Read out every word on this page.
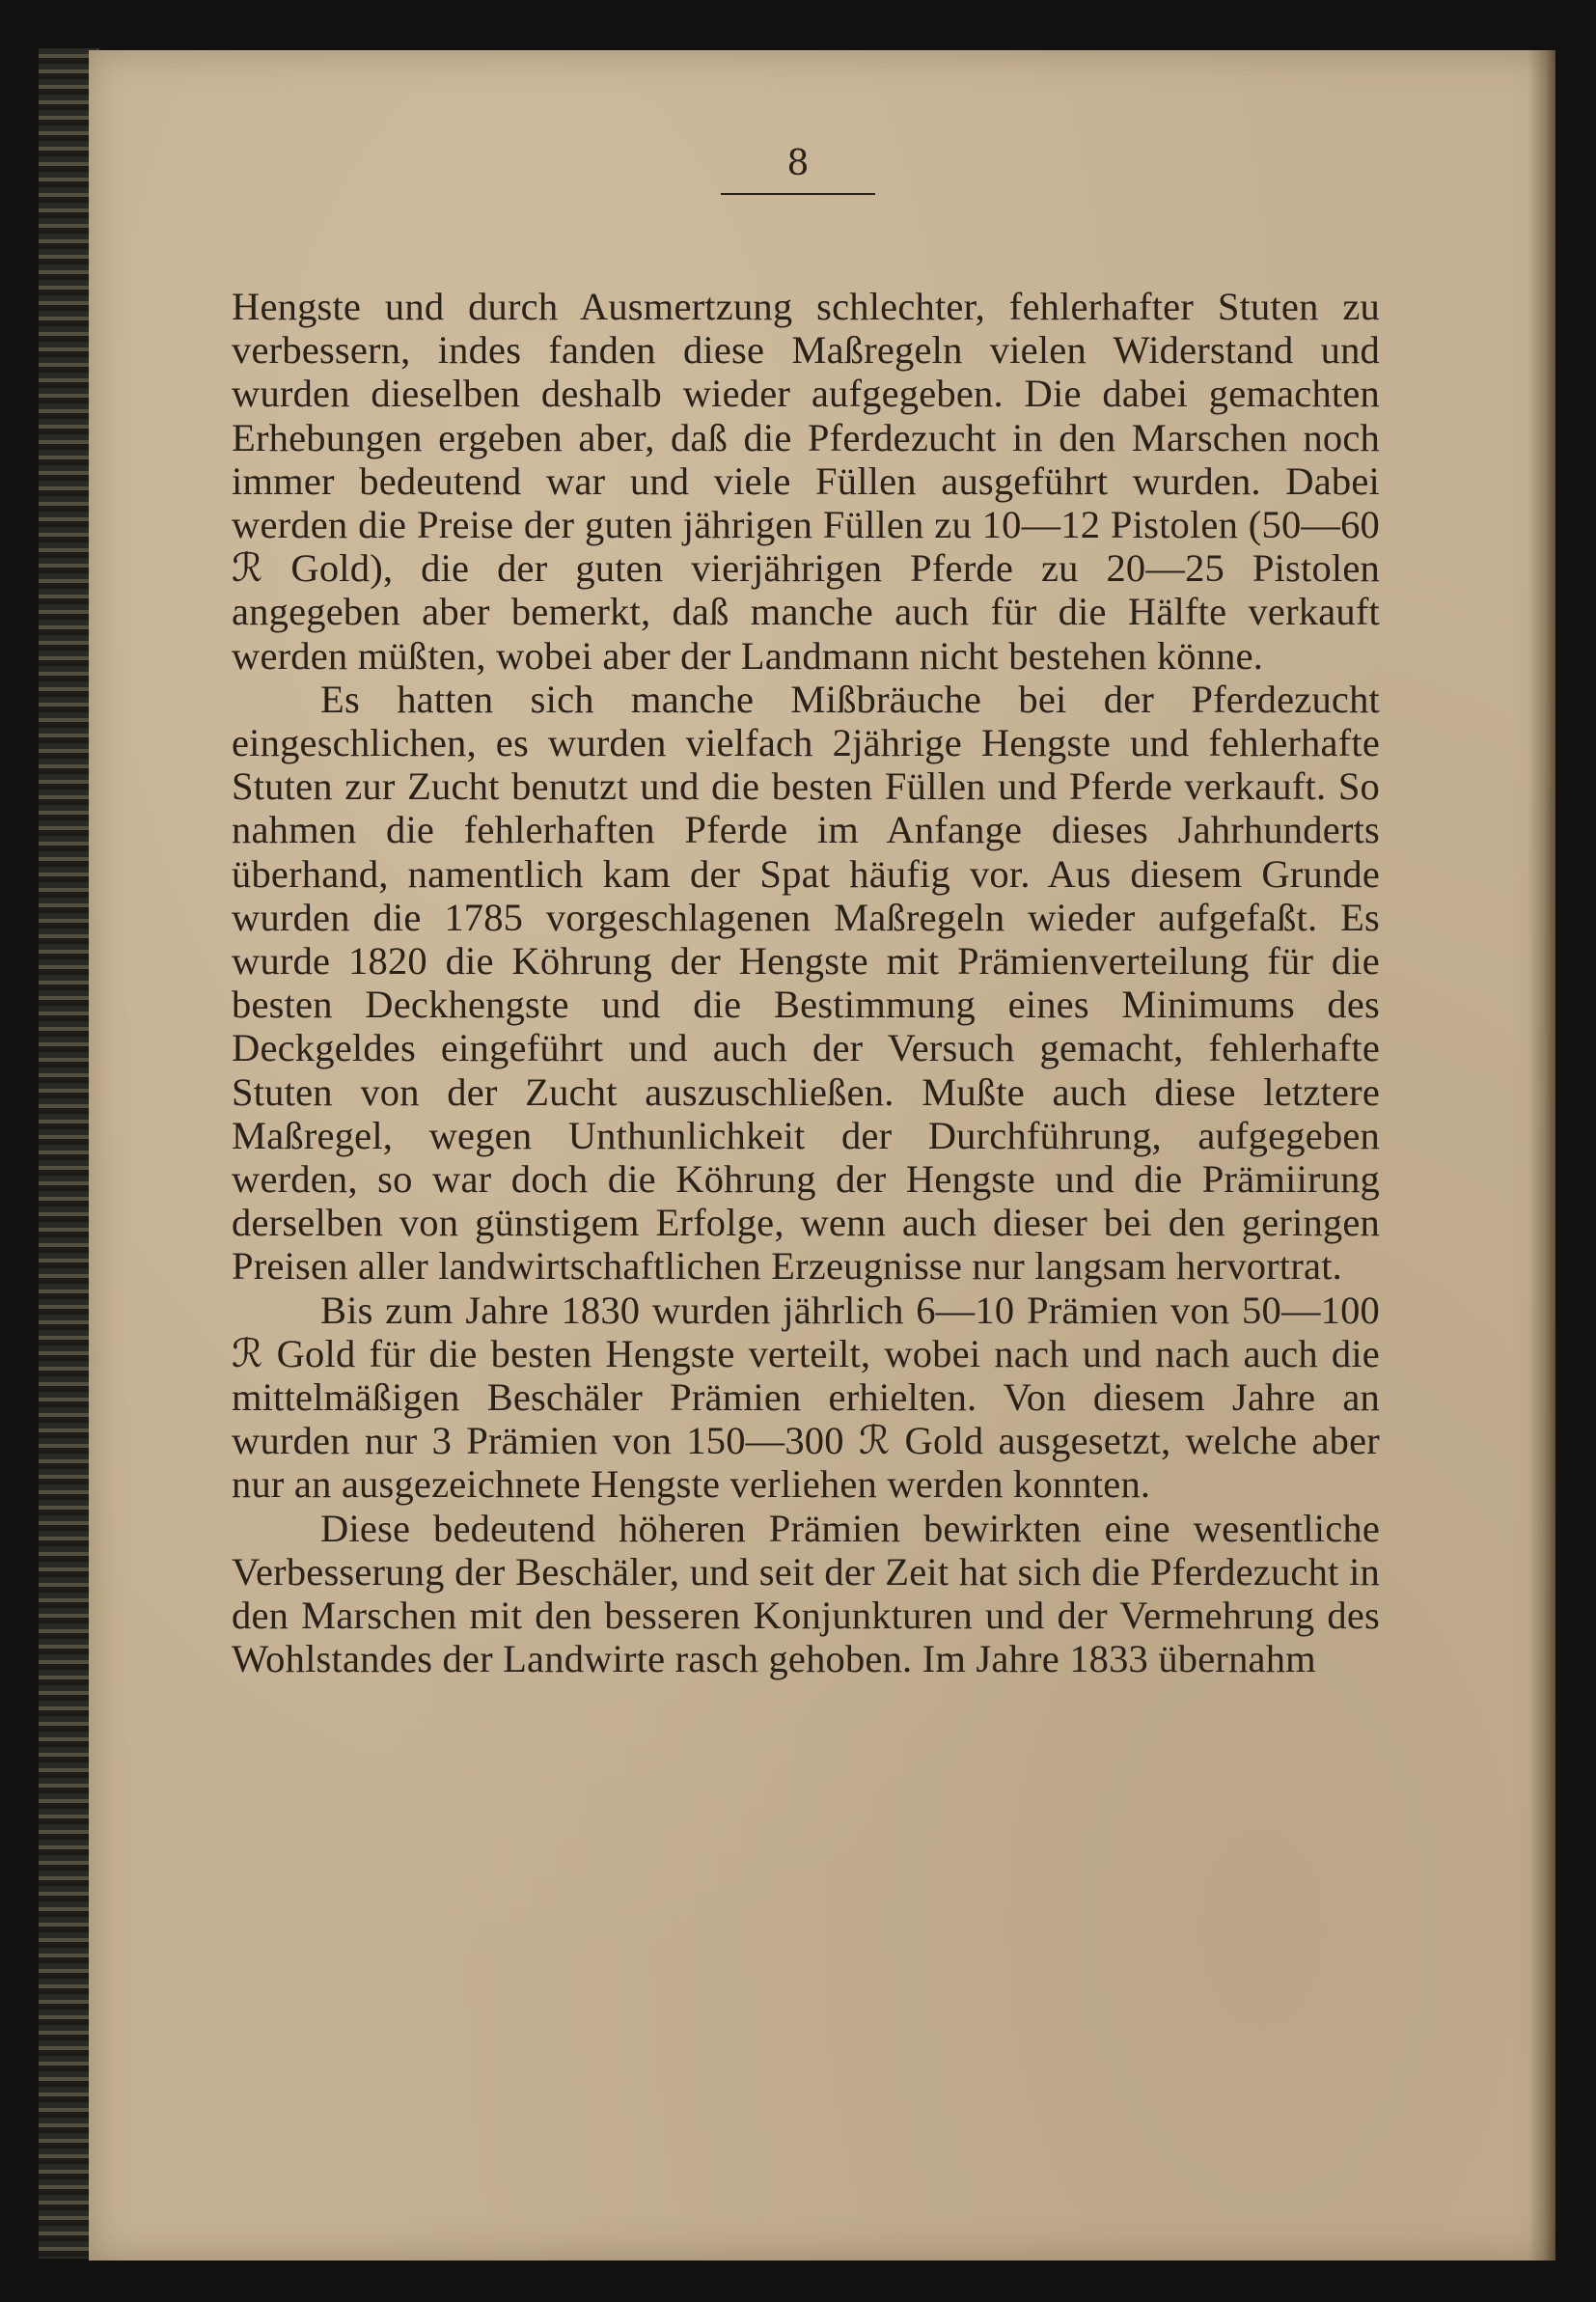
8

Hengste und durch Ausmertzung schlechter, fehlerhafter Stuten zu verbessern, indes fanden diese Maßregeln vielen Widerstand und wurden dieselben deshalb wieder aufgegeben. Die dabei gemachten Erhebungen ergeben aber, daß die Pferdezucht in den Marschen noch immer bedeutend war und viele Füllen ausgeführt wurden. Dabei werden die Preise der guten jährigen Füllen zu 10—12 Pistolen (50—60 ℛ Gold), die der guten vierjährigen Pferde zu 20—25 Pistolen angegeben aber bemerkt, daß manche auch für die Hälfte verkauft werden müßten, wobei aber der Landmann nicht bestehen könne.

Es hatten sich manche Mißbräuche bei der Pferdezucht eingeschlichen, es wurden vielfach 2jährige Hengste und fehlerhafte Stuten zur Zucht benutzt und die besten Füllen und Pferde verkauft. So nahmen die fehlerhaften Pferde im Anfange dieses Jahrhunderts überhand, namentlich kam der Spat häufig vor. Aus diesem Grunde wurden die 1785 vorgeschlagenen Maßregeln wieder aufgefaßt. Es wurde 1820 die Köhrung der Hengste mit Prämienverteilung für die besten Deckhengste und die Bestimmung eines Minimums des Deckgeldes eingeführt und auch der Versuch gemacht, fehlerhafte Stuten von der Zucht auszuschließen. Mußte auch diese letztere Maßregel, wegen Unthunlichkeit der Durchführung, aufgegeben werden, so war doch die Köhrung der Hengste und die Prämiirung derselben von günstigem Erfolge, wenn auch dieser bei den geringen Preisen aller landwirtschaftlichen Erzeugnisse nur langsam hervortrat.

Bis zum Jahre 1830 wurden jährlich 6—10 Prämien von 50—100 ℛ Gold für die besten Hengste verteilt, wobei nach und nach auch die mittelmäßigen Beschäler Prämien erhielten. Von diesem Jahre an wurden nur 3 Prämien von 150—300 ℛ Gold ausgesetzt, welche aber nur an ausgezeichnete Hengste verliehen werden konnten.

Diese bedeutend höheren Prämien bewirkten eine wesentliche Verbesserung der Beschäler, und seit der Zeit hat sich die Pferdezucht in den Marschen mit den besseren Konjunkturen und der Vermehrung des Wohlstandes der Landwirte rasch gehoben. Im Jahre 1833 übernahm
